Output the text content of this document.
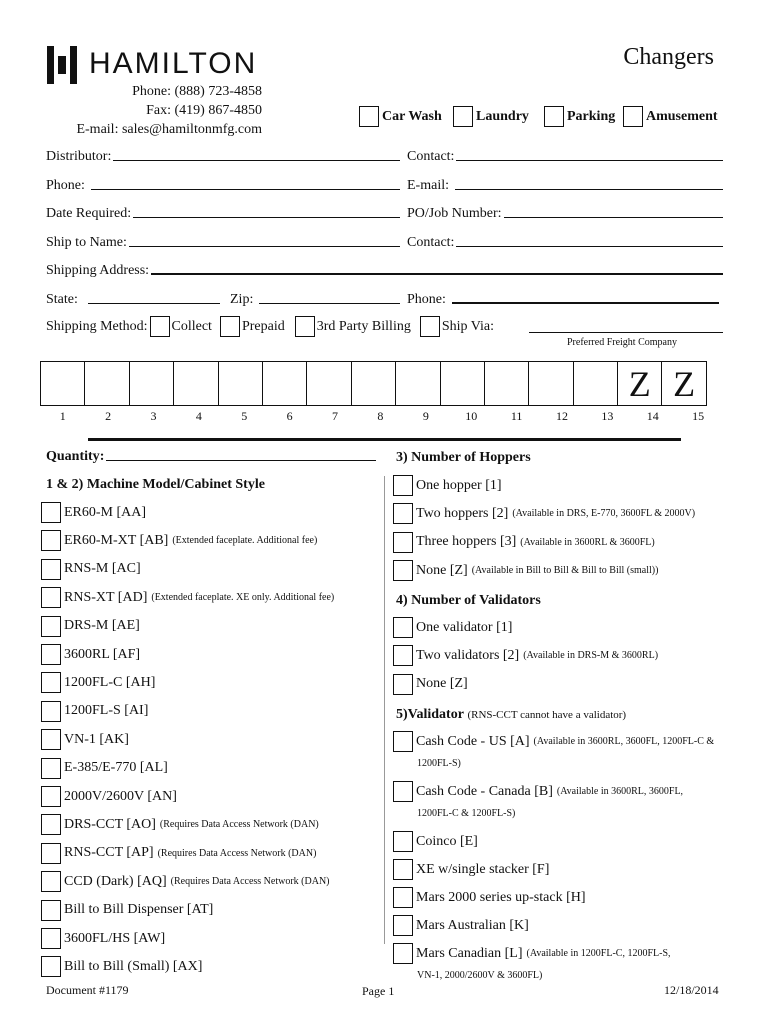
HAMILTON	Changers
Phone: (888) 723-4858
Fax: (419) 867-4850
E-mail: sales@hamiltonmfg.com
Car Wash Laundry	Parking Amusement
Distributor:	Contact:
Phone:	E-mail:
Date Required:	PO/Job Number:
Ship to Name:	Contact:
Shipping Address:
State:	Zip:	Phone:
Shipping Method: Collect Prepaid 3rd Party Billing Ship Via:
Preferred Freight Company
Z Z
1	2	3	4	5	6	7	8	9	10	11	12	13	14	15
Quantity :
1 & 2) Machine Model/Cabinet Style
ER60-M [AA]
ER60-M-XT [AB] (Extended faceplate. Additional fee)
RNS-M [AC]
RNS-XT [AD] (Extended faceplate. XE only. Additional fee)
DRS-M [AE]
3600RL [AF]
1200FL-C [AH]
1200FL-S [AI]
VN-1 [AK]
E-385/E-770 [AL]
2000V/2600V [AN]
DRS-CCT [AO] (Requires Data Access Network (DAN)
RNS-CCT [AP] (Requires Data Access Network (DAN)
CCD (Dark) [AQ] (Requires Data Access Network (DAN)
Bill to Bill Dispenser [AT]
3600FL/HS [AW]
Bill to Bill (Small) [AX]
3) Number of Hoppers
One hopper [1]
Two hoppers [2] (Available in DRS, E-770, 3600FL & 2000V)
Three hoppers [3] (Available in 3600RL & 3600FL)
None [Z] (Available in Bill to Bill & Bill to Bill (small))
4) Number of Validators
One validator [1]
Two validators [2] (Available in DRS-M & 3600RL)
None [Z]
5)Validator (RNS-CCT cannot have a validator)
Cash Code - US [A] (Available in 3600RL, 3600FL, 1200FL-C &
1200FL-S)
Cash Code - Canada [B] (Available in 3600RL, 3600FL,
1200FL-C & 1200FL-S)
Coinco [E]
XE w/single stacker [F]
Mars 2000 series up-stack [H]
Mars Australian [K]
Mars Canadian [L] (Available in 1200FL-C, 1200FL-S,
VN-1, 2000/2600V & 3600FL)
Document #1179	Page 1	12/18/2014
